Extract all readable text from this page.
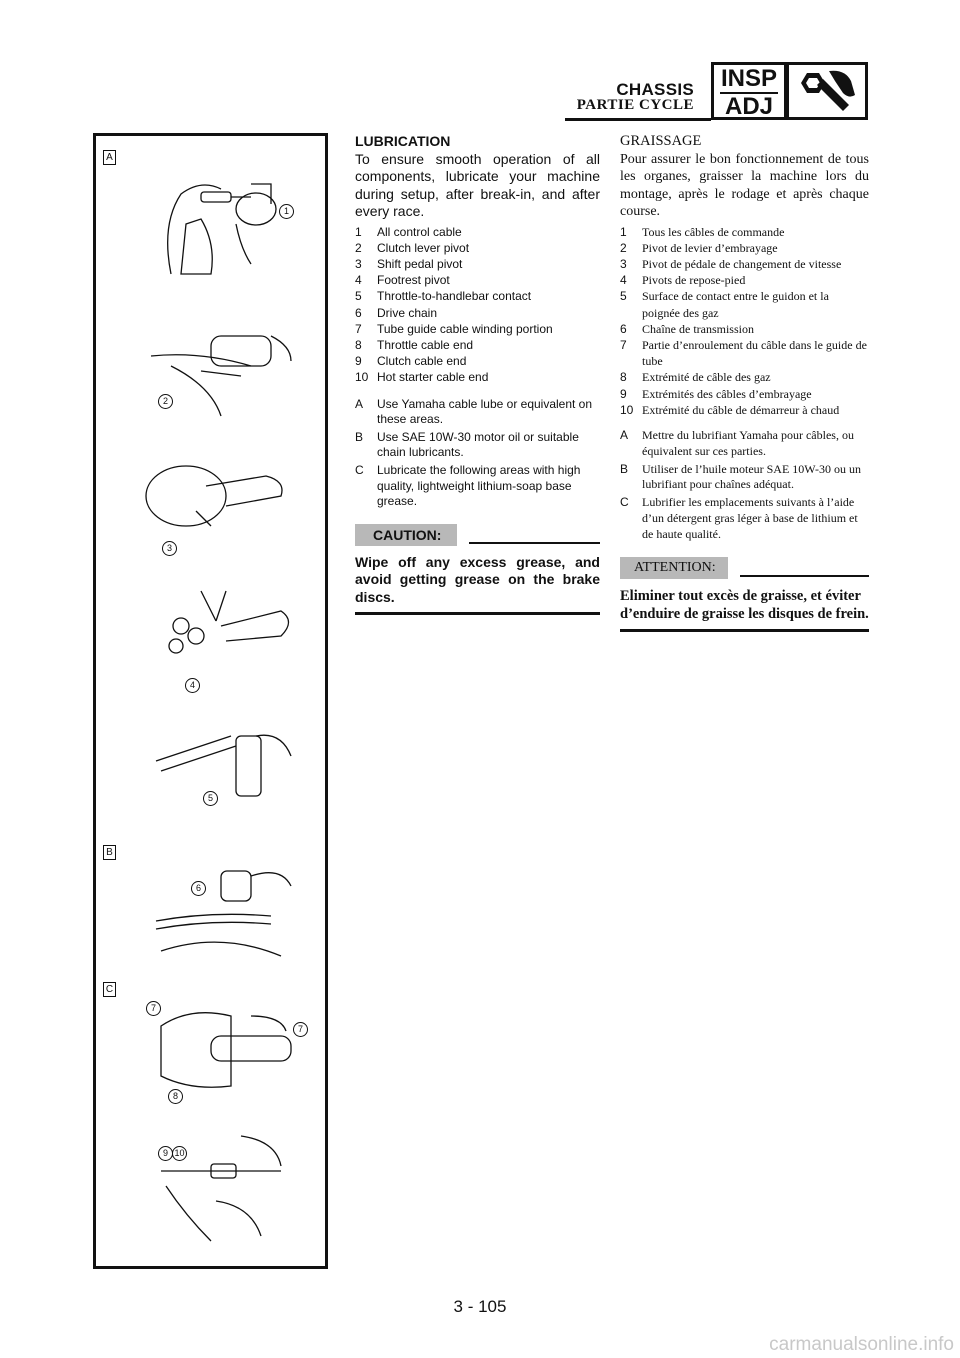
CHASSIS
PARTIE CYCLE
INSP
ADJ
A
B
C
1
2
3
4
5
6
7
7
8
9 10
LUBRICATION
To ensure smooth operation of all components, lubricate your machine during setup, after break-in, and after every race.
1	All control cable
2	Clutch lever pivot
3	Shift pedal pivot
4	Footrest pivot
5	Throttle-to-handlebar contact
6	Drive chain
7	Tube guide cable winding portion
8	Throttle cable end
9	Clutch cable end
10 Hot starter cable end
A	Use Yamaha cable lube or equivalent on these areas.
B	Use SAE 10W-30 motor oil or suitable chain lubricants.
C	Lubricate the following areas with high quality, lightweight lithium-soap base grease.
CAUTION:
Wipe off any excess grease, and avoid getting grease on the brake discs.
GRAISSAGE
Pour assurer le bon fonctionnement de tous les organes, graisser la machine lors du montage, après le rodage et après chaque course.
1	Tous les câbles de commande
2	Pivot de levier d’embrayage
3	Pivot de pédale de changement de vitesse
4	Pivots de repose-pied
5	Surface de contact entre le guidon et la poignée des gaz
6	Chaîne de transmission
7	Partie d’enroulement du câble dans le guide de tube
8	Extrémité de câble des gaz
9	Extrémités des câbles d’embrayage
10 Extrémité du câble de démarreur à chaud
A	Mettre du lubrifiant Yamaha pour câbles, ou équivalent sur ces parties.
B	Utiliser de l’huile moteur SAE 10W-30 ou un lubrifiant pour chaînes adéquat.
C	Lubrifier les emplacements suivants à l’aide d’un détergent gras léger à base de lithium et de haute qualité.
ATTENTION:
Eliminer tout excès de graisse, et éviter d’enduire de graisse les disques de frein.
3 - 105
carmanualsonline.info
